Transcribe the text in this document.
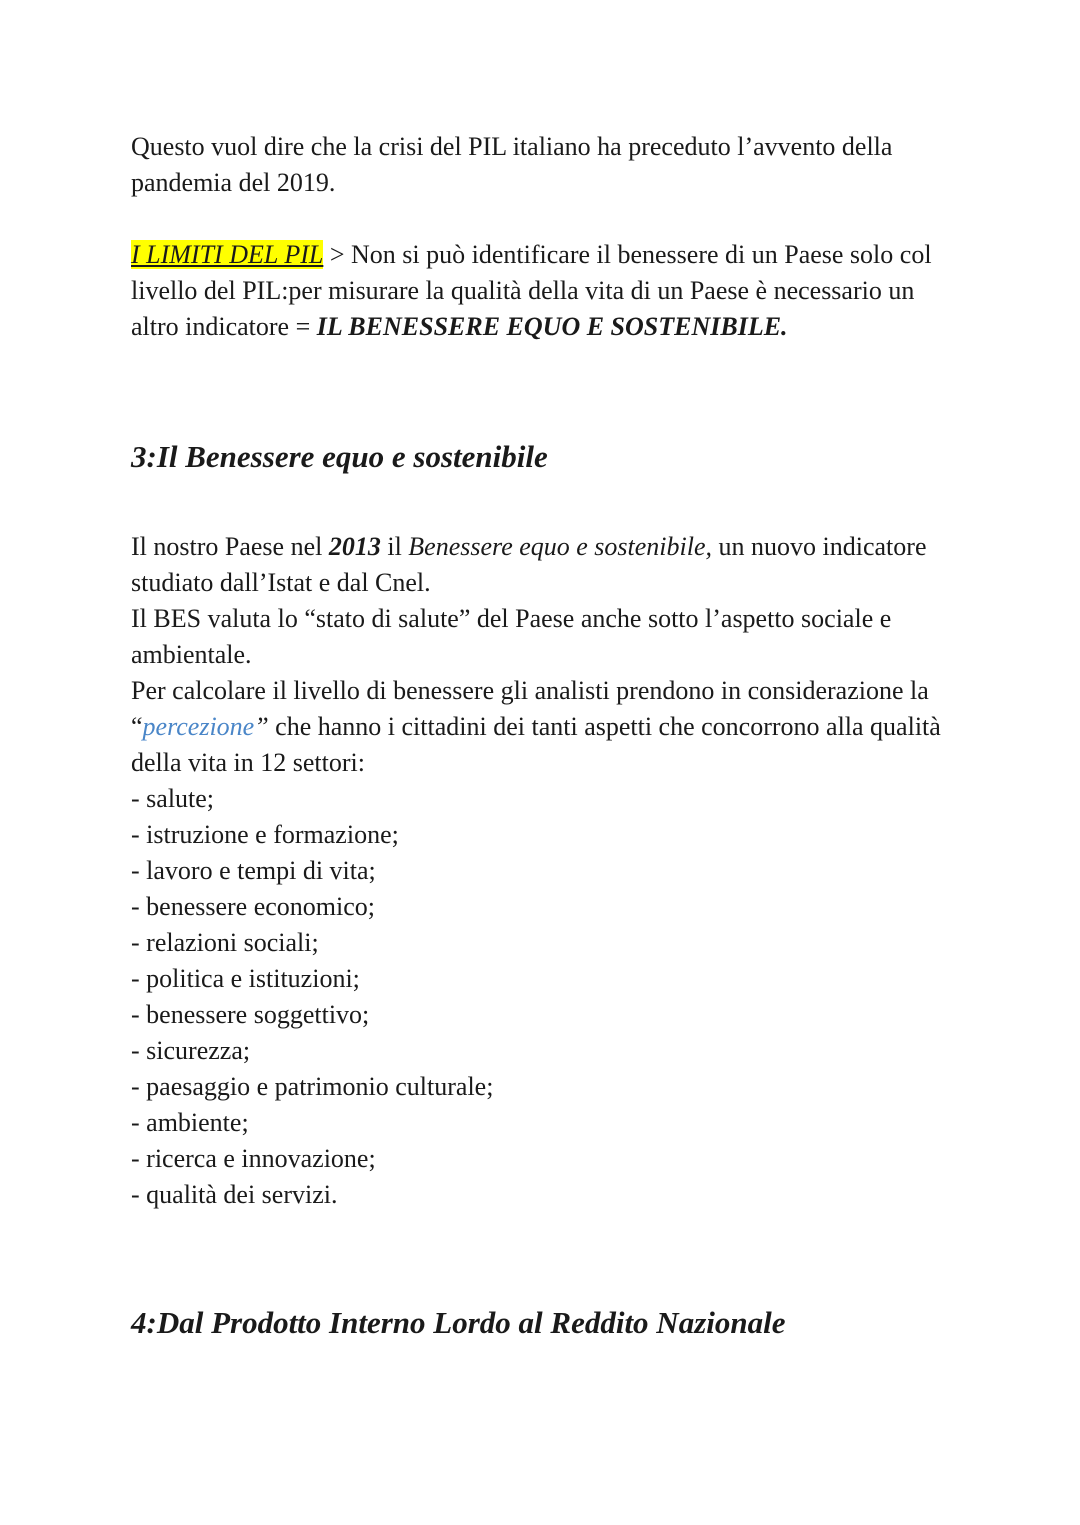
Questo vuol dire che la crisi del PIL italiano ha preceduto l’avvento della pandemia del 2019.

I LIMITI DEL PIL > Non si può identificare il benessere di un Paese solo col livello del PIL:per misurare la qualità della vita di un Paese è necessario un altro indicatore = IL BENESSERE EQUO E SOSTENIBILE.

3:Il Benessere equo e sostenibile

Il nostro Paese nel 2013 il Benessere equo e sostenibile, un nuovo indicatore studiato dall’Istat e dal Cnel.

Il BES valuta lo “stato di salute” del Paese anche sotto l’aspetto sociale e ambientale.

Per calcolare il livello di benessere gli analisti prendono in considerazione la “percezione” che hanno i cittadini dei tanti aspetti che concorrono alla qualità della vita in 12 settori:

- salute;
- istruzione e formazione;
- lavoro e tempi di vita;
- benessere economico;
- relazioni sociali;
- politica e istituzioni;
- benessere soggettivo;
- sicurezza;
- paesaggio e patrimonio culturale;
- ambiente;
- ricerca e innovazione;
- qualità dei servizi.
4:Dal Prodotto Interno Lordo al Reddito Nazionale
